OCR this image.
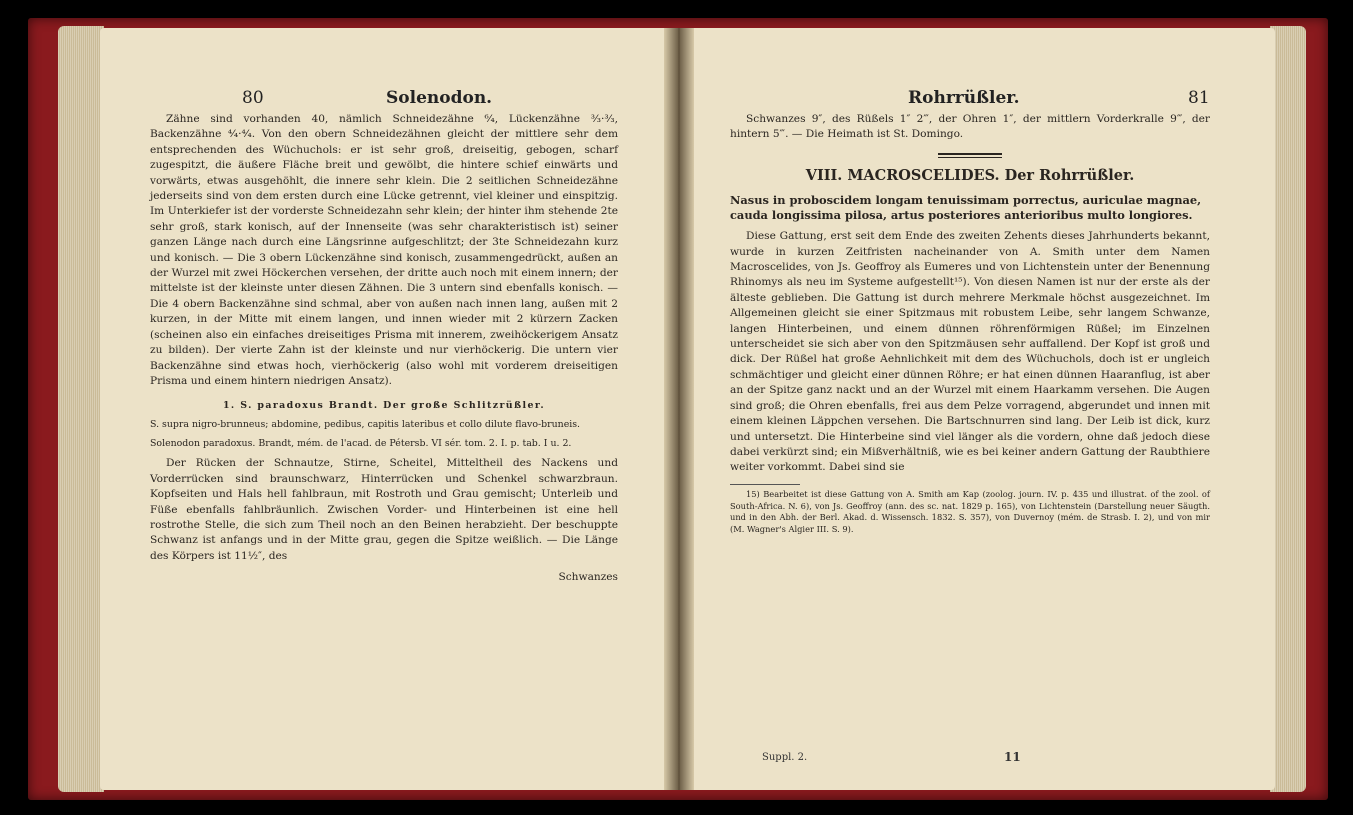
80	Solenodon.	Rohrrüßler.	81

Zähne sind vorhanden 40, nämlich Schneidezähne ⁶⁄₄, Lückenzähne ³⁄₃·³⁄₃, Backenzähne ⁴⁄₄·⁴⁄₄. Von den obern Schneidezähnen gleicht der mittlere sehr dem entsprechenden des Wüchuchols: er ist sehr groß, dreiseitig, gebogen, scharf zugespitzt, die äußere Fläche breit und gewölbt, die hintere schief einwärts und vorwärts, etwas ausgehöhlt, die innere sehr klein. Die 2 seitlichen Schneidezähne jederseits sind von dem ersten durch eine Lücke getrennt, viel kleiner und einspitzig. Im Unterkiefer ist der vorderste Schneidezahn sehr klein; der hinter ihm stehende 2te sehr groß, stark konisch, auf der Innenseite (was sehr charakteristisch ist) seiner ganzen Länge nach durch eine Längsrinne aufgeschlitzt; der 3te Schneidezahn kurz und konisch. — Die 3 obern Lückenzähne sind konisch, zusammengedrückt, außen an der Wurzel mit zwei Höckerchen versehen, der dritte auch noch mit einem innern; der mittelste ist der kleinste unter diesen Zähnen. Die 3 untern sind ebenfalls konisch. — Die 4 obern Backenzähne sind schmal, aber von außen nach innen lang, außen mit 2 kurzen, in der Mitte mit einem langen, und innen wieder mit 2 kürzern Zacken (scheinen also ein einfaches dreiseitiges Prisma mit innerem, zweihöckerigem Ansatz zu bilden). Der vierte Zahn ist der kleinste und nur vierhöckerig. Die untern vier Backenzähne sind etwas hoch, vierhöckerig (also wohl mit vorderem dreiseitigen Prisma und einem hintern niedrigen Ansatz).

1. S. paradoxus Brandt. Der große Schlitzrüßler.

S. supra nigro-brunneus; abdomine, pedibus, capitis lateribus et collo dilute flavo-bruneis.

Solenodon paradoxus. Brandt, mém. de l'acad. de Pétersb. VI sér. tom. 2. I. p. tab. I u. 2.

Der Rücken der Schnautze, Stirne, Scheitel, Mitteltheil des Nackens und Vorderrücken sind braunschwarz, Hinterrücken und Schenkel schwarzbraun. Kopfseiten und Hals hell fahlbraun, mit Rostroth und Grau gemischt; Unterleib und Füße ebenfalls fahlbräunlich. Zwischen Vorder- und Hinterbeinen ist eine hell rostrothe Stelle, die sich zum Theil noch an den Beinen herabzieht. Der beschuppte Schwanz ist anfangs und in der Mitte grau, gegen die Spitze weißlich. — Die Länge des Körpers ist 11½″, des

Schwanzes

Schwanzes 9″, des Rüßels 1″ 2‴, der Ohren 1″, der mittlern Vorderkralle 9‴, der hintern 5‴. — Die Heimath ist St. Domingo.

VIII. MACROSCELIDES. Der Rohrrüßler.

Nasus in proboscidem longam tenuissimam porrectus, auriculae magnae, cauda longissima pilosa, artus posteriores anterioribus multo longiores.

Diese Gattung, erst seit dem Ende des zweiten Zehents dieses Jahrhunderts bekannt, wurde in kurzen Zeitfristen nacheinander von A. Smith unter dem Namen Macroscelides, von Js. Geoffroy als Eumeres und von Lichtenstein unter der Benennung Rhinomys als neu im Systeme aufgestellt¹⁵). Von diesen Namen ist nur der erste als der älteste geblieben. Die Gattung ist durch mehrere Merkmale höchst ausgezeichnet. Im Allgemeinen gleicht sie einer Spitzmaus mit robustem Leibe, sehr langem Schwanze, langen Hinterbeinen, und einem dünnen röhrenförmigen Rüßel; im Einzelnen unterscheidet sie sich aber von den Spitzmäusen sehr auffallend. Der Kopf ist groß und dick. Der Rüßel hat große Aehnlichkeit mit dem des Wüchuchols, doch ist er ungleich schmächtiger und gleicht einer dünnen Röhre; er hat einen dünnen Haaranflug, ist aber an der Spitze ganz nackt und an der Wurzel mit einem Haarkamm versehen. Die Augen sind groß; die Ohren ebenfalls, frei aus dem Pelze vorragend, abgerundet und innen mit einem kleinen Läppchen versehen. Die Bartschnurren sind lang. Der Leib ist dick, kurz und untersetzt. Die Hinterbeine sind viel länger als die vordern, ohne daß jedoch diese dabei verkürzt sind; ein Mißverhältniß, wie es bei keiner andern Gattung der Raubthiere weiter vorkommt. Dabei sind sie

15) Bearbeitet ist diese Gattung von A. Smith am Kap (zoolog. journ. IV. p. 435 und illustrat. of the zool. of South-Africa. N. 6), von Js. Geoffroy (ann. des sc. nat. 1829 p. 165), von Lichtenstein (Darstellung neuer Säugth. und in den Abh. der Berl. Akad. d. Wissensch. 1832. S. 357), von Duvernoy (mém. de Strasb. I. 2), und von mir (M. Wagner's Algier III. S. 9).

Suppl. 2.	11
